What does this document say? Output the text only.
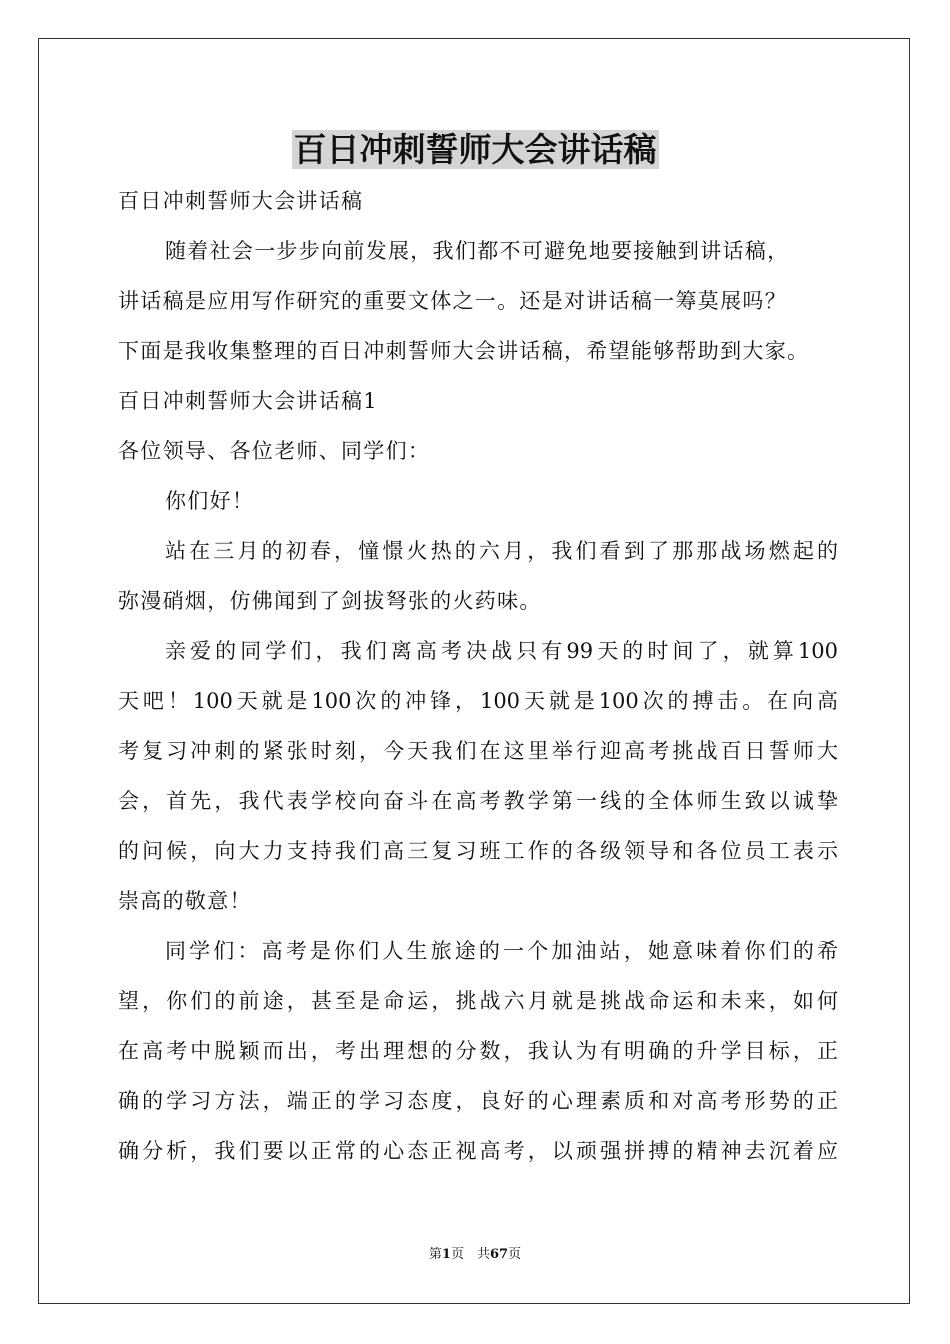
百日冲刺誓师大会讲话稿
百日冲刺誓师大会讲话稿
随着社会一步步向前发展，我们都不可避免地要接触到讲话稿，
讲话稿是应用写作研究的重要文体之一。还是对讲话稿一筹莫展吗？
下面是我收集整理的百日冲刺誓师大会讲话稿，希望能够帮助到大家。
百日冲刺誓师大会讲话稿1
各位领导、各位老师、同学们：
你们好！
站在三月的初春，憧憬火热的六月，我们看到了那那战场燃起的
弥漫硝烟，仿佛闻到了剑拔弩张的火药味。
亲爱的同学们，我们离高考决战只有99天的时间了，就算100
天吧！100天就是100次的冲锋，100天就是100次的搏击。在向高
考复习冲刺的紧张时刻，今天我们在这里举行迎高考挑战百日誓师大
会，首先，我代表学校向奋斗在高考教学第一线的全体师生致以诚挚
的问候，向大力支持我们高三复习班工作的各级领导和各位员工表示
崇高的敬意！
同学们：高考是你们人生旅途的一个加油站，她意味着你们的希
望，你们的前途，甚至是命运，挑战六月就是挑战命运和未来，如何
在高考中脱颖而出，考出理想的分数，我认为有明确的升学目标，正
确的学习方法，端正的学习态度，良好的心理素质和对高考形势的正
确分析，我们要以正常的心态正视高考，以顽强拼搏的精神去沉着应
第1页　共67页
